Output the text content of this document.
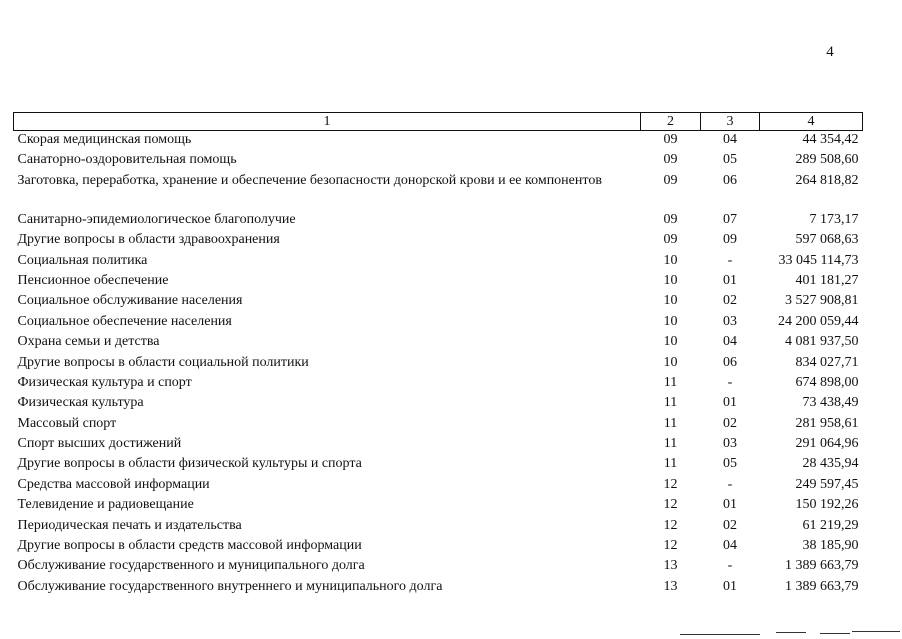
4
1	2	3	4
Скорая медицинская помощь	09	04	44 354,42
Санаторно-оздоровительная помощь	09	05	289 508,60
Заготовка, переработка, хранение и обеспечение безопасности донорской крови и ее компонентов	09	06	264 818,82
Санитарно-эпидемиологическое благополучие	09	07	7 173,17
Другие вопросы в области здравоохранения	09	09	597 068,63
Социальная политика	10	-	33 045 114,73
Пенсионное обеспечение	10	01	401 181,27
Социальное обслуживание населения	10	02	3 527 908,81
Социальное обеспечение населения	10	03	24 200 059,44
Охрана семьи и детства	10	04	4 081 937,50
Другие вопросы в области социальной политики	10	06	834 027,71
Физическая культура и спорт	11	-	674 898,00
Физическая культура	11	01	73 438,49
Массовый спорт	11	02	281 958,61
Спорт высших достижений	11	03	291 064,96
Другие вопросы в области физической культуры и спорта	11	05	28 435,94
Средства массовой информации	12	-	249 597,45
Телевидение и радиовещание	12	01	150 192,26
Периодическая печать и издательства	12	02	61 219,29
Другие вопросы в области средств массовой информации	12	04	38 185,90
Обслуживание государственного и муниципального долга	13	-	1 389 663,79
Обслуживание государственного внутреннего и муниципального долга	13	01	1 389 663,79
